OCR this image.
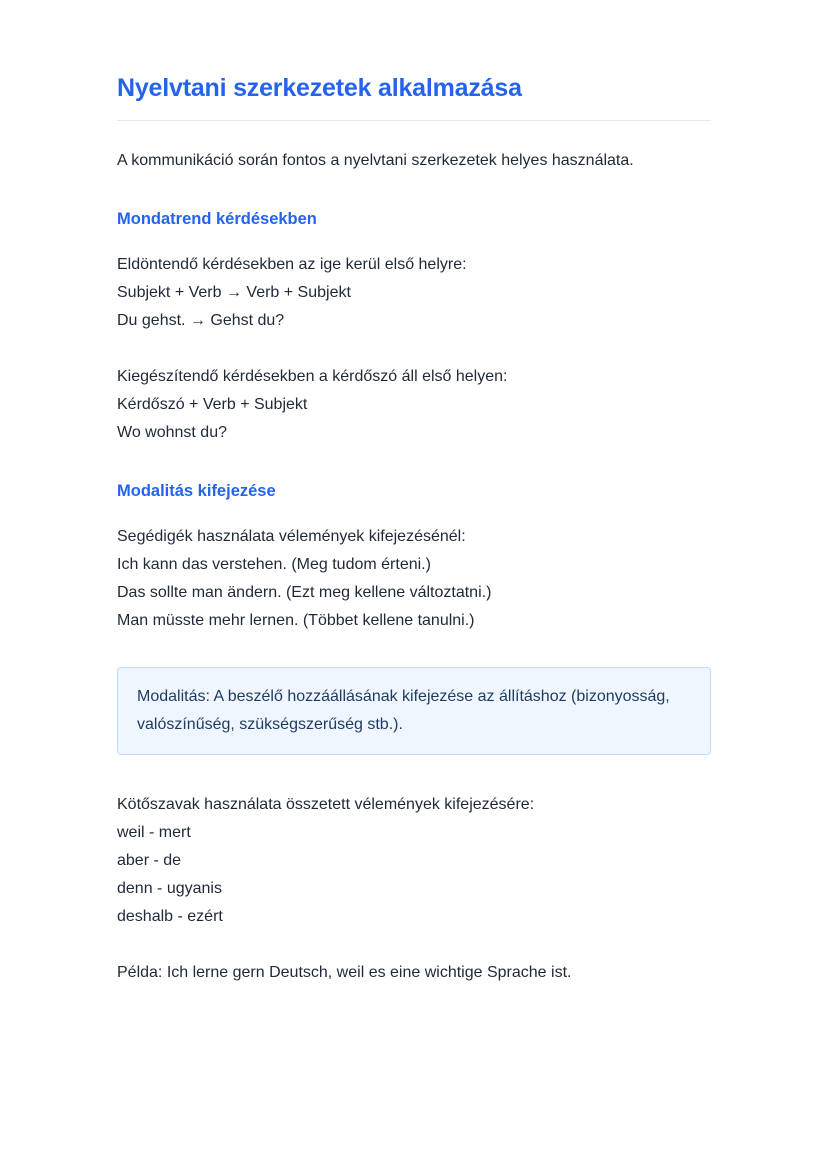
Nyelvtani szerkezetek alkalmazása

A kommunikáció során fontos a nyelvtani szerkezetek helyes használata.

Mondatrend kérdésekben

Eldöntendő kérdésekben az ige kerül első helyre:
Subjekt + Verb → Verb + Subjekt
Du gehst. → Gehst du?

Kiegészítendő kérdésekben a kérdőszó áll első helyen:
Kérdőszó + Verb + Subjekt
Wo wohnst du?

Modalitás kifejezése

Segédigék használata vélemények kifejezésénél:
Ich kann das verstehen. (Meg tudom érteni.)
Das sollte man ändern. (Ezt meg kellene változtatni.)
Man müsste mehr lernen. (Többet kellene tanulni.)

Modalitás: A beszélő hozzáállásának kifejezése az állításhoz (bizonyosság, valószínűség, szükségszerűség stb.).

Kötőszavak használata összetett vélemények kifejezésére:
weil - mert
aber - de
denn - ugyanis
deshalb - ezért

Példa: Ich lerne gern Deutsch, weil es eine wichtige Sprache ist.
